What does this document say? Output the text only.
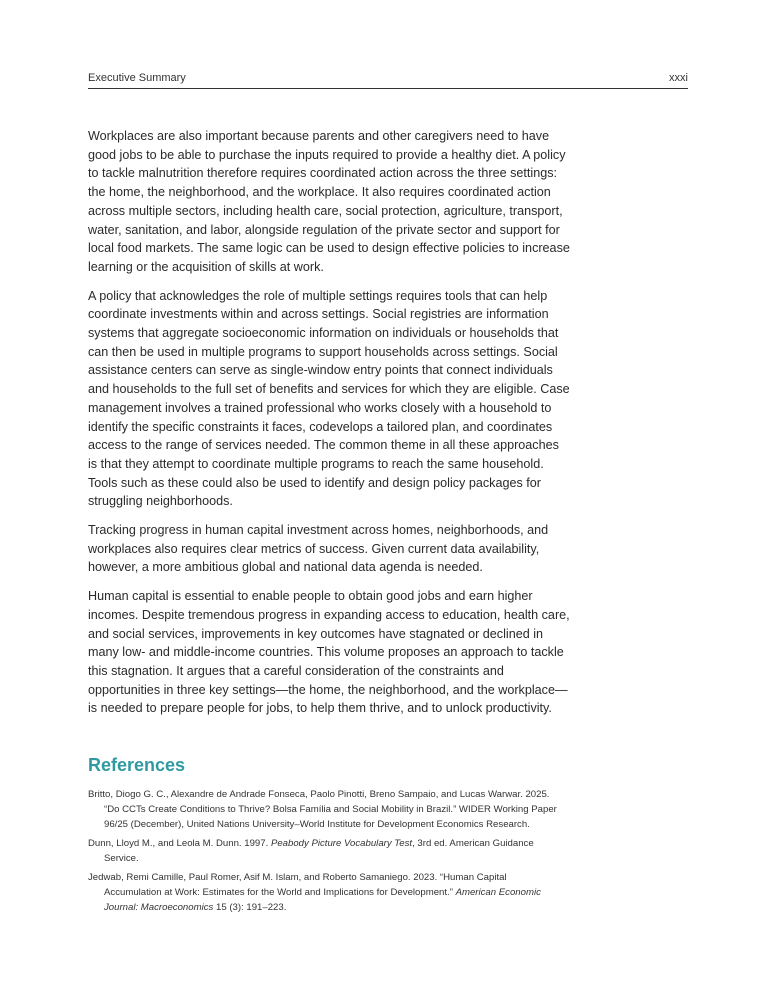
Executive Summary	xxxi

Workplaces are also important because parents and other caregivers need to have good jobs to be able to purchase the inputs required to provide a healthy diet. A policy to tackle malnutrition therefore requires coordinated action across the three settings: the home, the neighborhood, and the workplace. It also requires coordinated action across multiple sectors, including health care, social protection, agriculture, transport, water, sanitation, and labor, alongside regulation of the private sector and support for local food markets. The same logic can be used to design effective policies to increase learning or the acquisition of skills at work.

A policy that acknowledges the role of multiple settings requires tools that can help coordinate investments within and across settings. Social registries are information systems that aggregate socioeconomic information on individuals or households that can then be used in multiple programs to support households across settings. Social assistance centers can serve as single-window entry points that connect individuals and households to the full set of benefits and services for which they are eligible. Case management involves a trained professional who works closely with a household to identify the specific constraints it faces, codevelops a tailored plan, and coordinates access to the range of services needed. The common theme in all these approaches is that they attempt to coordinate multiple programs to reach the same household. Tools such as these could also be used to identify and design policy packages for struggling neighborhoods.

Tracking progress in human capital investment across homes, neighborhoods, and workplaces also requires clear metrics of success. Given current data availability, however, a more ambitious global and national data agenda is needed.

Human capital is essential to enable people to obtain good jobs and earn higher incomes. Despite tremendous progress in expanding access to education, health care, and social services, improvements in key outcomes have stagnated or declined in many low- and middle-income countries. This volume proposes an approach to tackle this stagnation. It argues that a careful consideration of the constraints and opportunities in three key settings—the home, the neighborhood, and the workplace—is needed to prepare people for jobs, to help them thrive, and to unlock productivity.

References
Britto, Diogo G. C., Alexandre de Andrade Fonseca, Paolo Pinotti, Breno Sampaio, and Lucas Warwar. 2025. “Do CCTs Create Conditions to Thrive? Bolsa Família and Social Mobility in Brazil.” WIDER Working Paper 96/25 (December), United Nations University–World Institute for Development Economics Research.
Dunn, Lloyd M., and Leola M. Dunn. 1997. Peabody Picture Vocabulary Test, 3rd ed. American Guidance Service.
Jedwab, Remi Camille, Paul Romer, Asif M. Islam, and Roberto Samaniego. 2023. “Human Capital Accumulation at Work: Estimates for the World and Implications for Development.” American Economic Journal: Macroeconomics 15 (3): 191–223.
